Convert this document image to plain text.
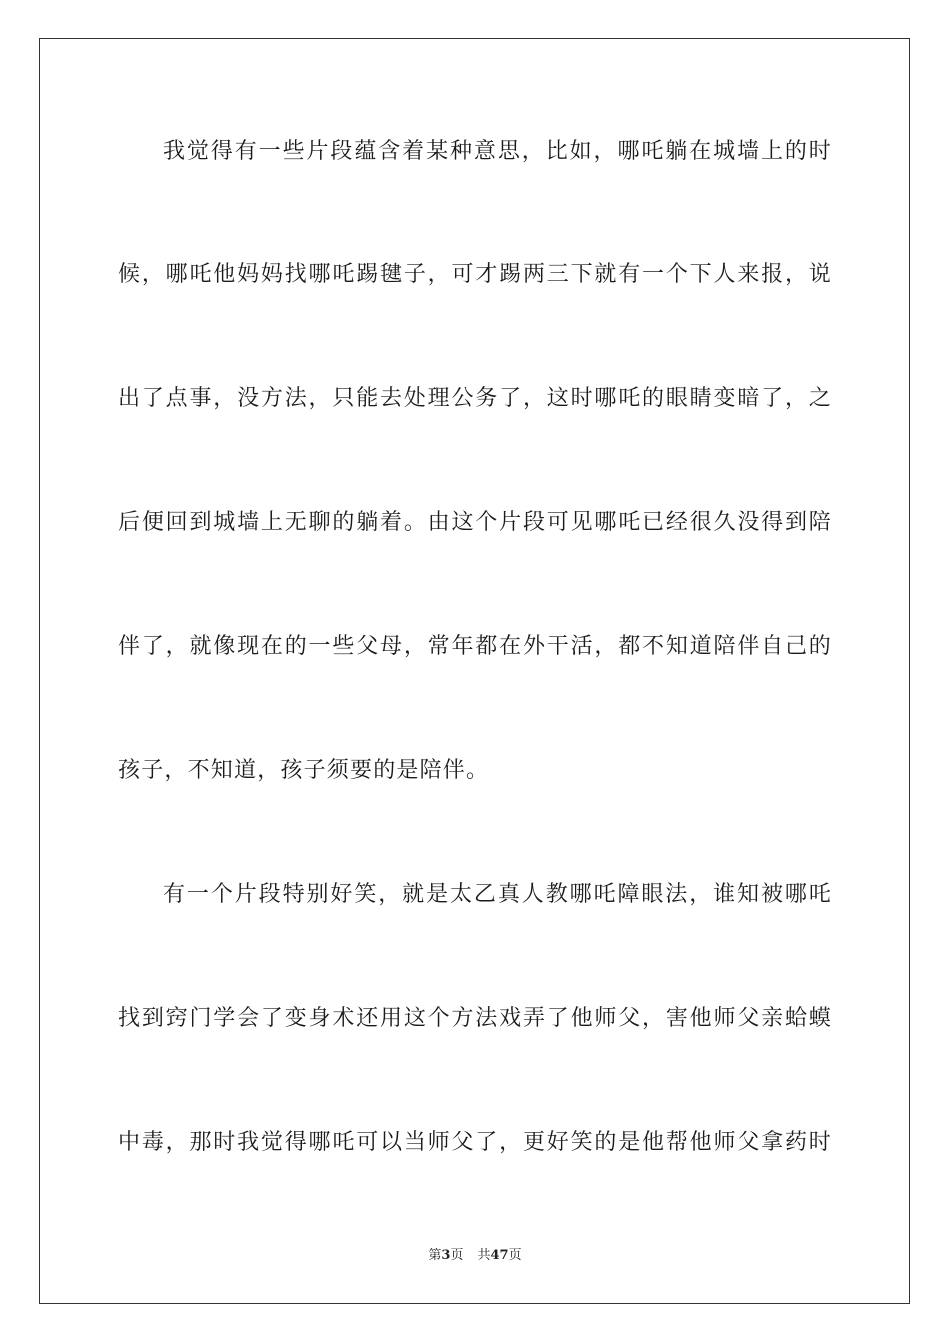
我觉得有一些片段蕴含着某种意思，比如，哪吒躺在城墙上的时
候，哪吒他妈妈找哪吒踢毽子，可才踢两三下就有一个下人来报，说
出了点事，没方法，只能去处理公务了，这时哪吒的眼睛变暗了，之
后便回到城墙上无聊的躺着。由这个片段可见哪吒已经很久没得到陪
伴了，就像现在的一些父母，常年都在外干活，都不知道陪伴自己的
孩子，不知道，孩子须要的是陪伴。
有一个片段特别好笑，就是太乙真人教哪吒障眼法，谁知被哪吒
找到窍门学会了变身术还用这个方法戏弄了他师父，害他师父亲蛤蟆
中毒，那时我觉得哪吒可以当师父了，更好笑的是他帮他师父拿药时
第3页 共47页
